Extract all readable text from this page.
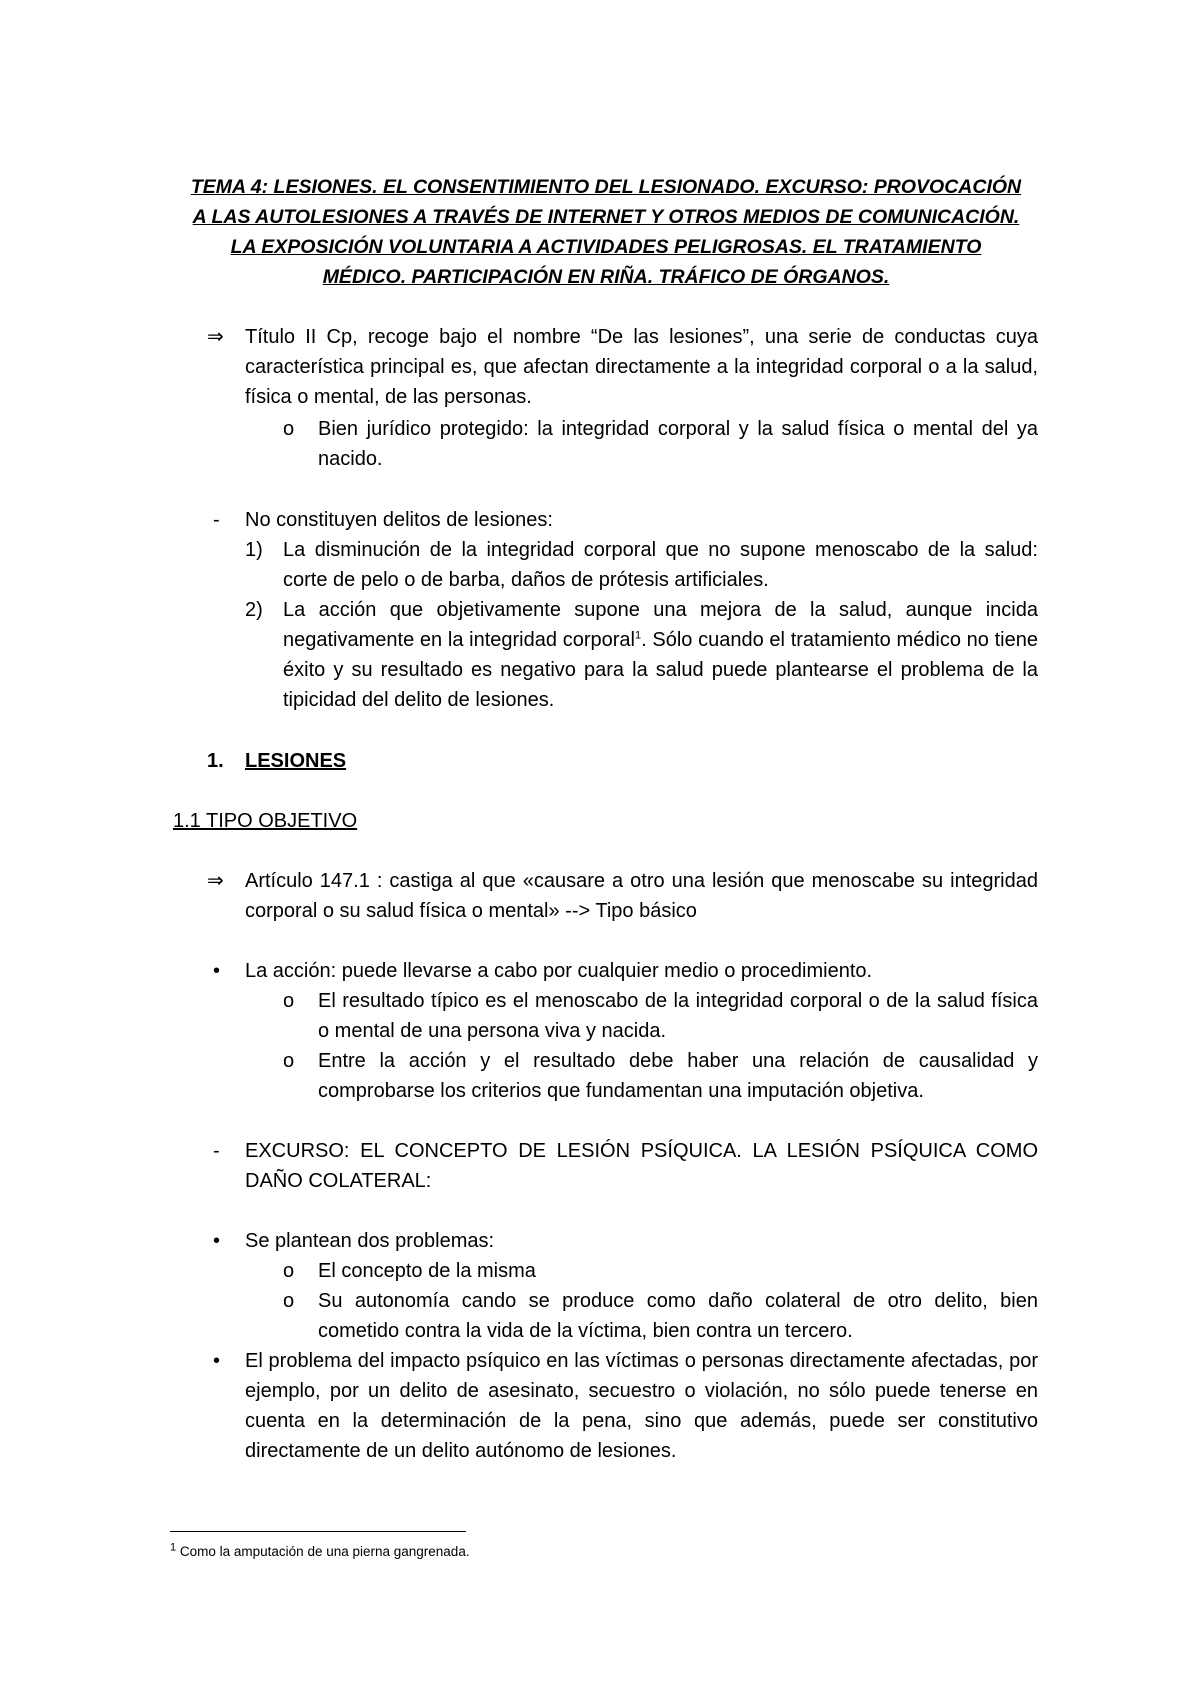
TEMA 4: LESIONES. EL CONSENTIMIENTO DEL LESIONADO. EXCURSO: PROVOCACIÓN
A LAS AUTOLESIONES A TRAVÉS DE INTERNET Y OTROS MEDIOS DE COMUNICACIÓN.
LA EXPOSICIÓN VOLUNTARIA A ACTIVIDADES PELIGROSAS. EL TRATAMIENTO
MÉDICO. PARTICIPACIÓN EN RIÑA. TRÁFICO DE ÓRGANOS.
⇒ Título II Cp, recoge bajo el nombre “De las lesiones”, una serie de conductas cuya característica principal es, que afectan directamente a la integridad corporal o a la salud, física o mental, de las personas.
o Bien jurídico protegido: la integridad corporal y la salud física o mental del ya nacido.
- No constituyen delitos de lesiones:
1) La disminución de la integridad corporal que no supone menoscabo de la salud: corte de pelo o de barba, daños de prótesis artificiales.
2) La acción que objetivamente supone una mejora de la salud, aunque incida negativamente en la integridad corporal$^1$. Sólo cuando el tratamiento médico no tiene éxito y su resultado es negativo para la salud puede plantearse el problema de la tipicidad del delito de lesiones.
1. LESIONES
1.1 TIPO OBJETIVO
⇒ Artículo 147.1 : castiga al que «causare a otro una lesión que menoscabe su integridad corporal o su salud física o mental» --> Tipo básico
• La acción: puede llevarse a cabo por cualquier medio o procedimiento.
o El resultado típico es el menoscabo de la integridad corporal o de la salud física o mental de una persona viva y nacida.
o Entre la acción y el resultado debe haber una relación de causalidad y comprobarse los criterios que fundamentan una imputación objetiva.
- EXCURSO: EL CONCEPTO DE LESIÓN PSÍQUICA. LA LESIÓN PSÍQUICA COMO DAÑO COLATERAL:
• Se plantean dos problemas:
o El concepto de la misma
o Su autonomía cando se produce como daño colateral de otro delito, bien cometido contra la vida de la víctima, bien contra un tercero.
• El problema del impacto psíquico en las víctimas o personas directamente afectadas, por ejemplo, por un delito de asesinato, secuestro o violación, no sólo puede tenerse en cuenta en la determinación de la pena, sino que además, puede ser constitutivo directamente de un delito autónomo de lesiones.
$^1$ Como la amputación de una pierna gangrenada.
